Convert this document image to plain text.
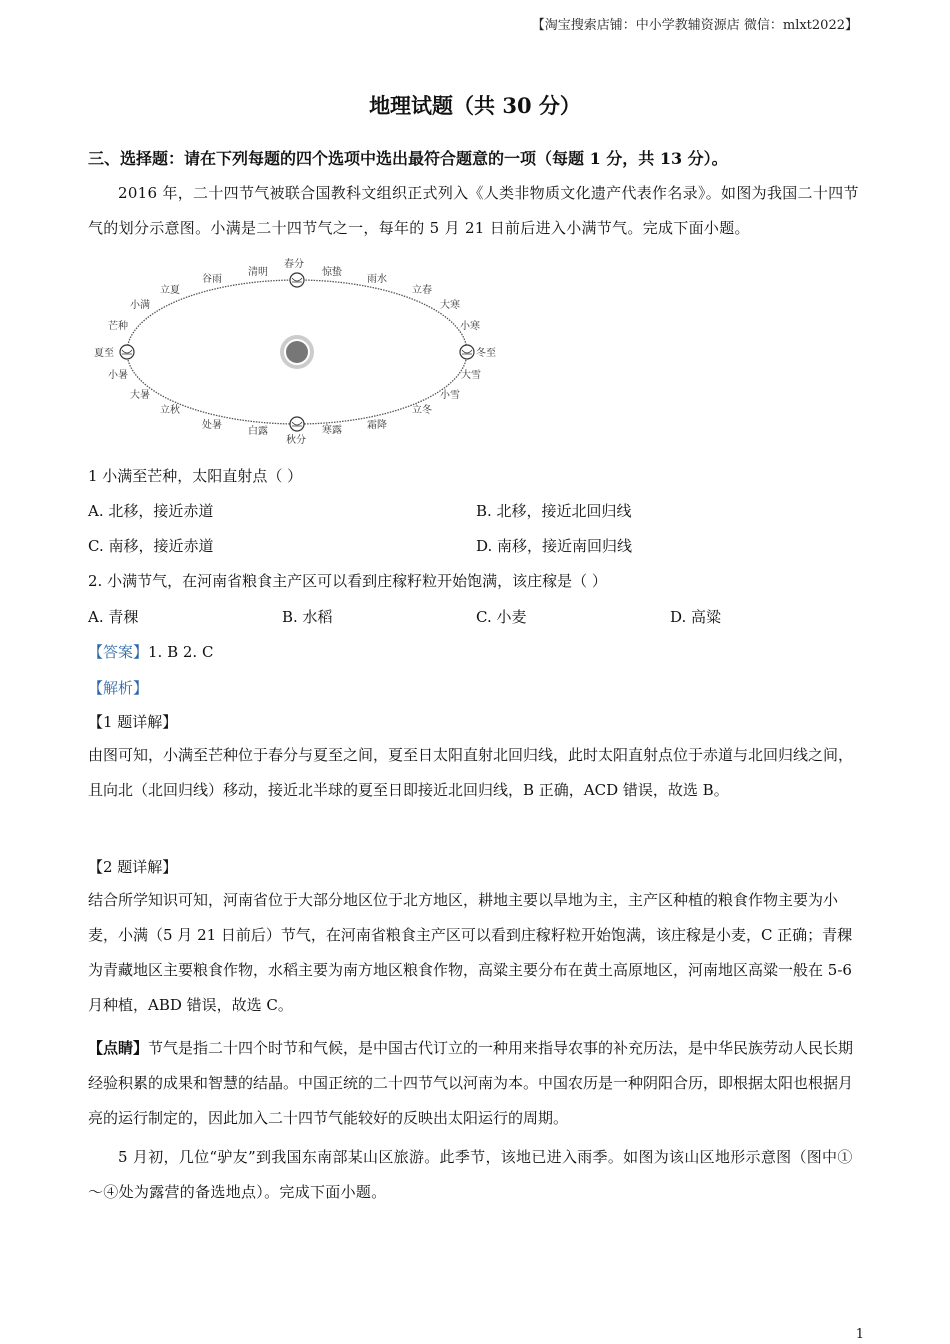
【淘宝搜索店铺：中小学教辅资源店 微信：mlxt2022】
地理试题（共 30 分）
三、选择题：请在下列每题的四个选项中选出最符合题意的一项（每题 1 分，共 13 分）。
2016 年，二十四节气被联合国教科文组织正式列入《人类非物质文化遗产代表作名录》。如图为我国二十四节气的划分示意图。小满是二十四节气之一，每年的 5 月 21 日前后进入小满节气。完成下面小题。
春分
清明
谷雨
立夏
小满
芒种
夏至
小暑
大暑
立秋
处暑
白露
秋分
寒露	霜降
立冬
小雪
大雪
冬至
小寒
大寒
立春
雨水
惊蛰
1 小满至芒种，太阳直射点（ ）
A. 北移，接近赤道	B. 北移，接近北回归线
C. 南移，接近赤道	D. 南移，接近南回归线
2. 小满节气，在河南省粮食主产区可以看到庄稼籽粒开始饱满，该庄稼是（ ）
A. 青稞	B. 水稻	C. 小麦	D. 高粱
【答案】1. B 2. C
【解析】
【1 题详解】
由图可知，小满至芒种位于春分与夏至之间，夏至日太阳直射北回归线，此时太阳直射点位于赤道与北回归线之间，且向北（北回归线）移动，接近北半球的夏至日即接近北回归线，B 正确，ACD 错误，故选 B。
【2 题详解】
结合所学知识可知，河南省位于大部分地区位于北方地区，耕地主要以旱地为主，主产区种植的粮食作物主要为小麦，小满（5 月 21 日前后）节气，在河南省粮食主产区可以看到庄稼籽粒开始饱满，该庄稼是小麦，C 正确；青稞为青藏地区主要粮食作物，水稻主要为南方地区粮食作物，高粱主要分布在黄土高原地区，河南地区高粱一般在 5-6 月种植，ABD 错误，故选 C。
【点睛】节气是指二十四个时节和气候，是中国古代订立的一种用来指导农事的补充历法，是中华民族劳动人民长期经验积累的成果和智慧的结晶。中国正统的二十四节气以河南为本。中国农历是一种阴阳合历，即根据太阳也根据月亮的运行制定的，因此加入二十四节气能较好的反映出太阳运行的周期。
5 月初，几位“驴友”到我国东南部某山区旅游。此季节，该地已进入雨季。如图为该山区地形示意图（图中①～④处为露营的备选地点）。完成下面小题。
1
